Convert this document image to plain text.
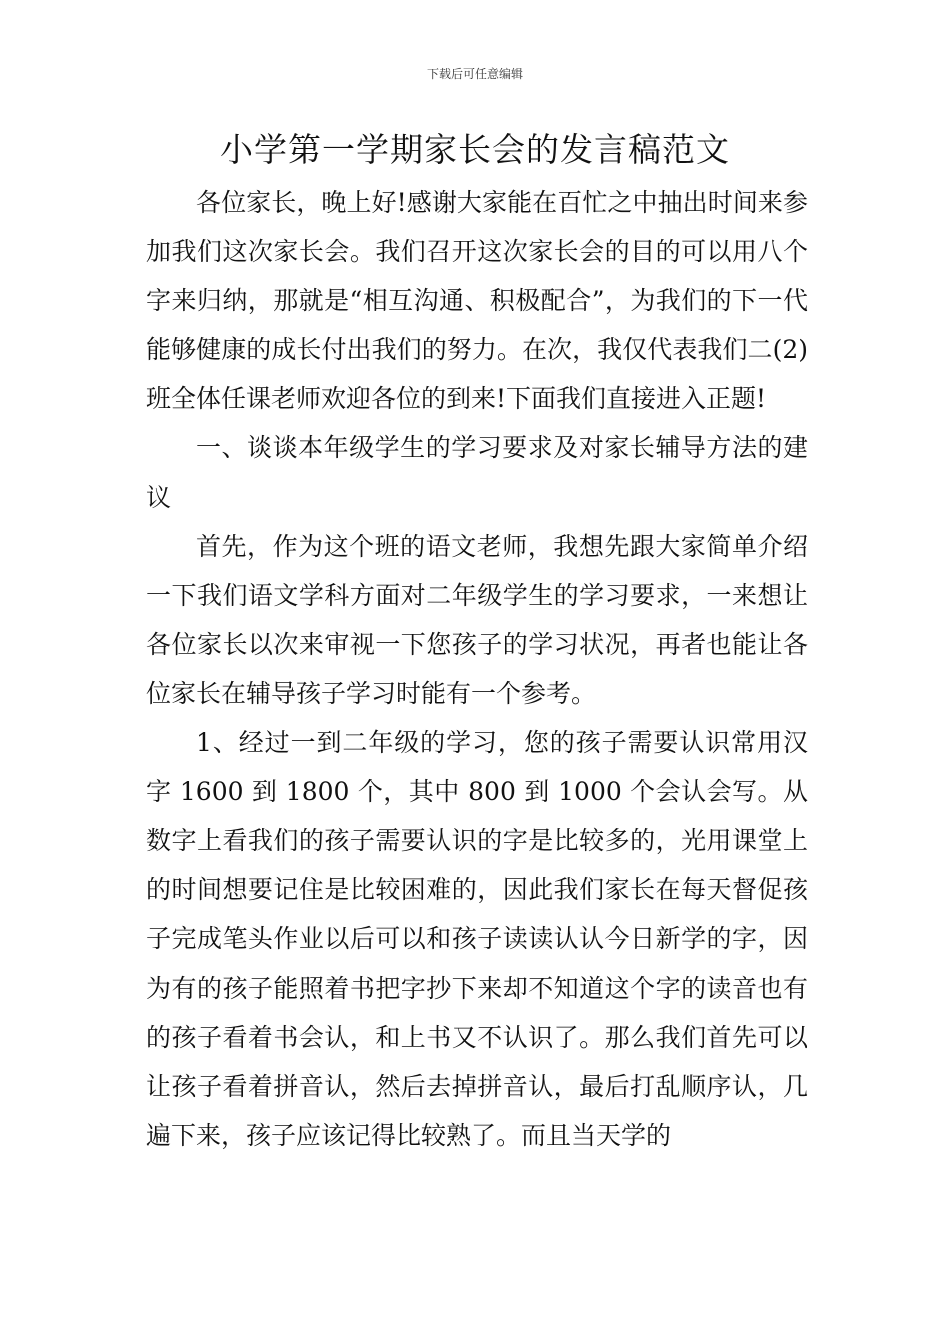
下载后可任意编辑
小学第一学期家长会的发言稿范文

各位家长，晚上好!感谢大家能在百忙之中抽出时间来参加我们这次家长会。我们召开这次家长会的目的可以用八个字来归纳，那就是“相互沟通、积极配合”，为我们的下一代能够健康的成长付出我们的努力。在次，我仅代表我们二(2)班全体任课老师欢迎各位的到来!下面我们直接进入正题!

一、谈谈本年级学生的学习要求及对家长辅导方法的建议

首先，作为这个班的语文老师，我想先跟大家简单介绍一下我们语文学科方面对二年级学生的学习要求，一来想让各位家长以次来审视一下您孩子的学习状况，再者也能让各位家长在辅导孩子学习时能有一个参考。

1、经过一到二年级的学习，您的孩子需要认识常用汉字 1600 到 1800 个，其中 800 到 1000 个会认会写。从数字上看我们的孩子需要认识的字是比较多的，光用课堂上的时间想要记住是比较困难的，因此我们家长在每天督促孩子完成笔头作业以后可以和孩子读读认认今日新学的字，因为有的孩子能照着书把字抄下来却不知道这个字的读音也有的孩子看着书会认，和上书又不认识了。那么我们首先可以让孩子看着拼音认，然后去掉拼音认，最后打乱顺序认，几遍下来，孩子应该记得比较熟了。而且当天学的
